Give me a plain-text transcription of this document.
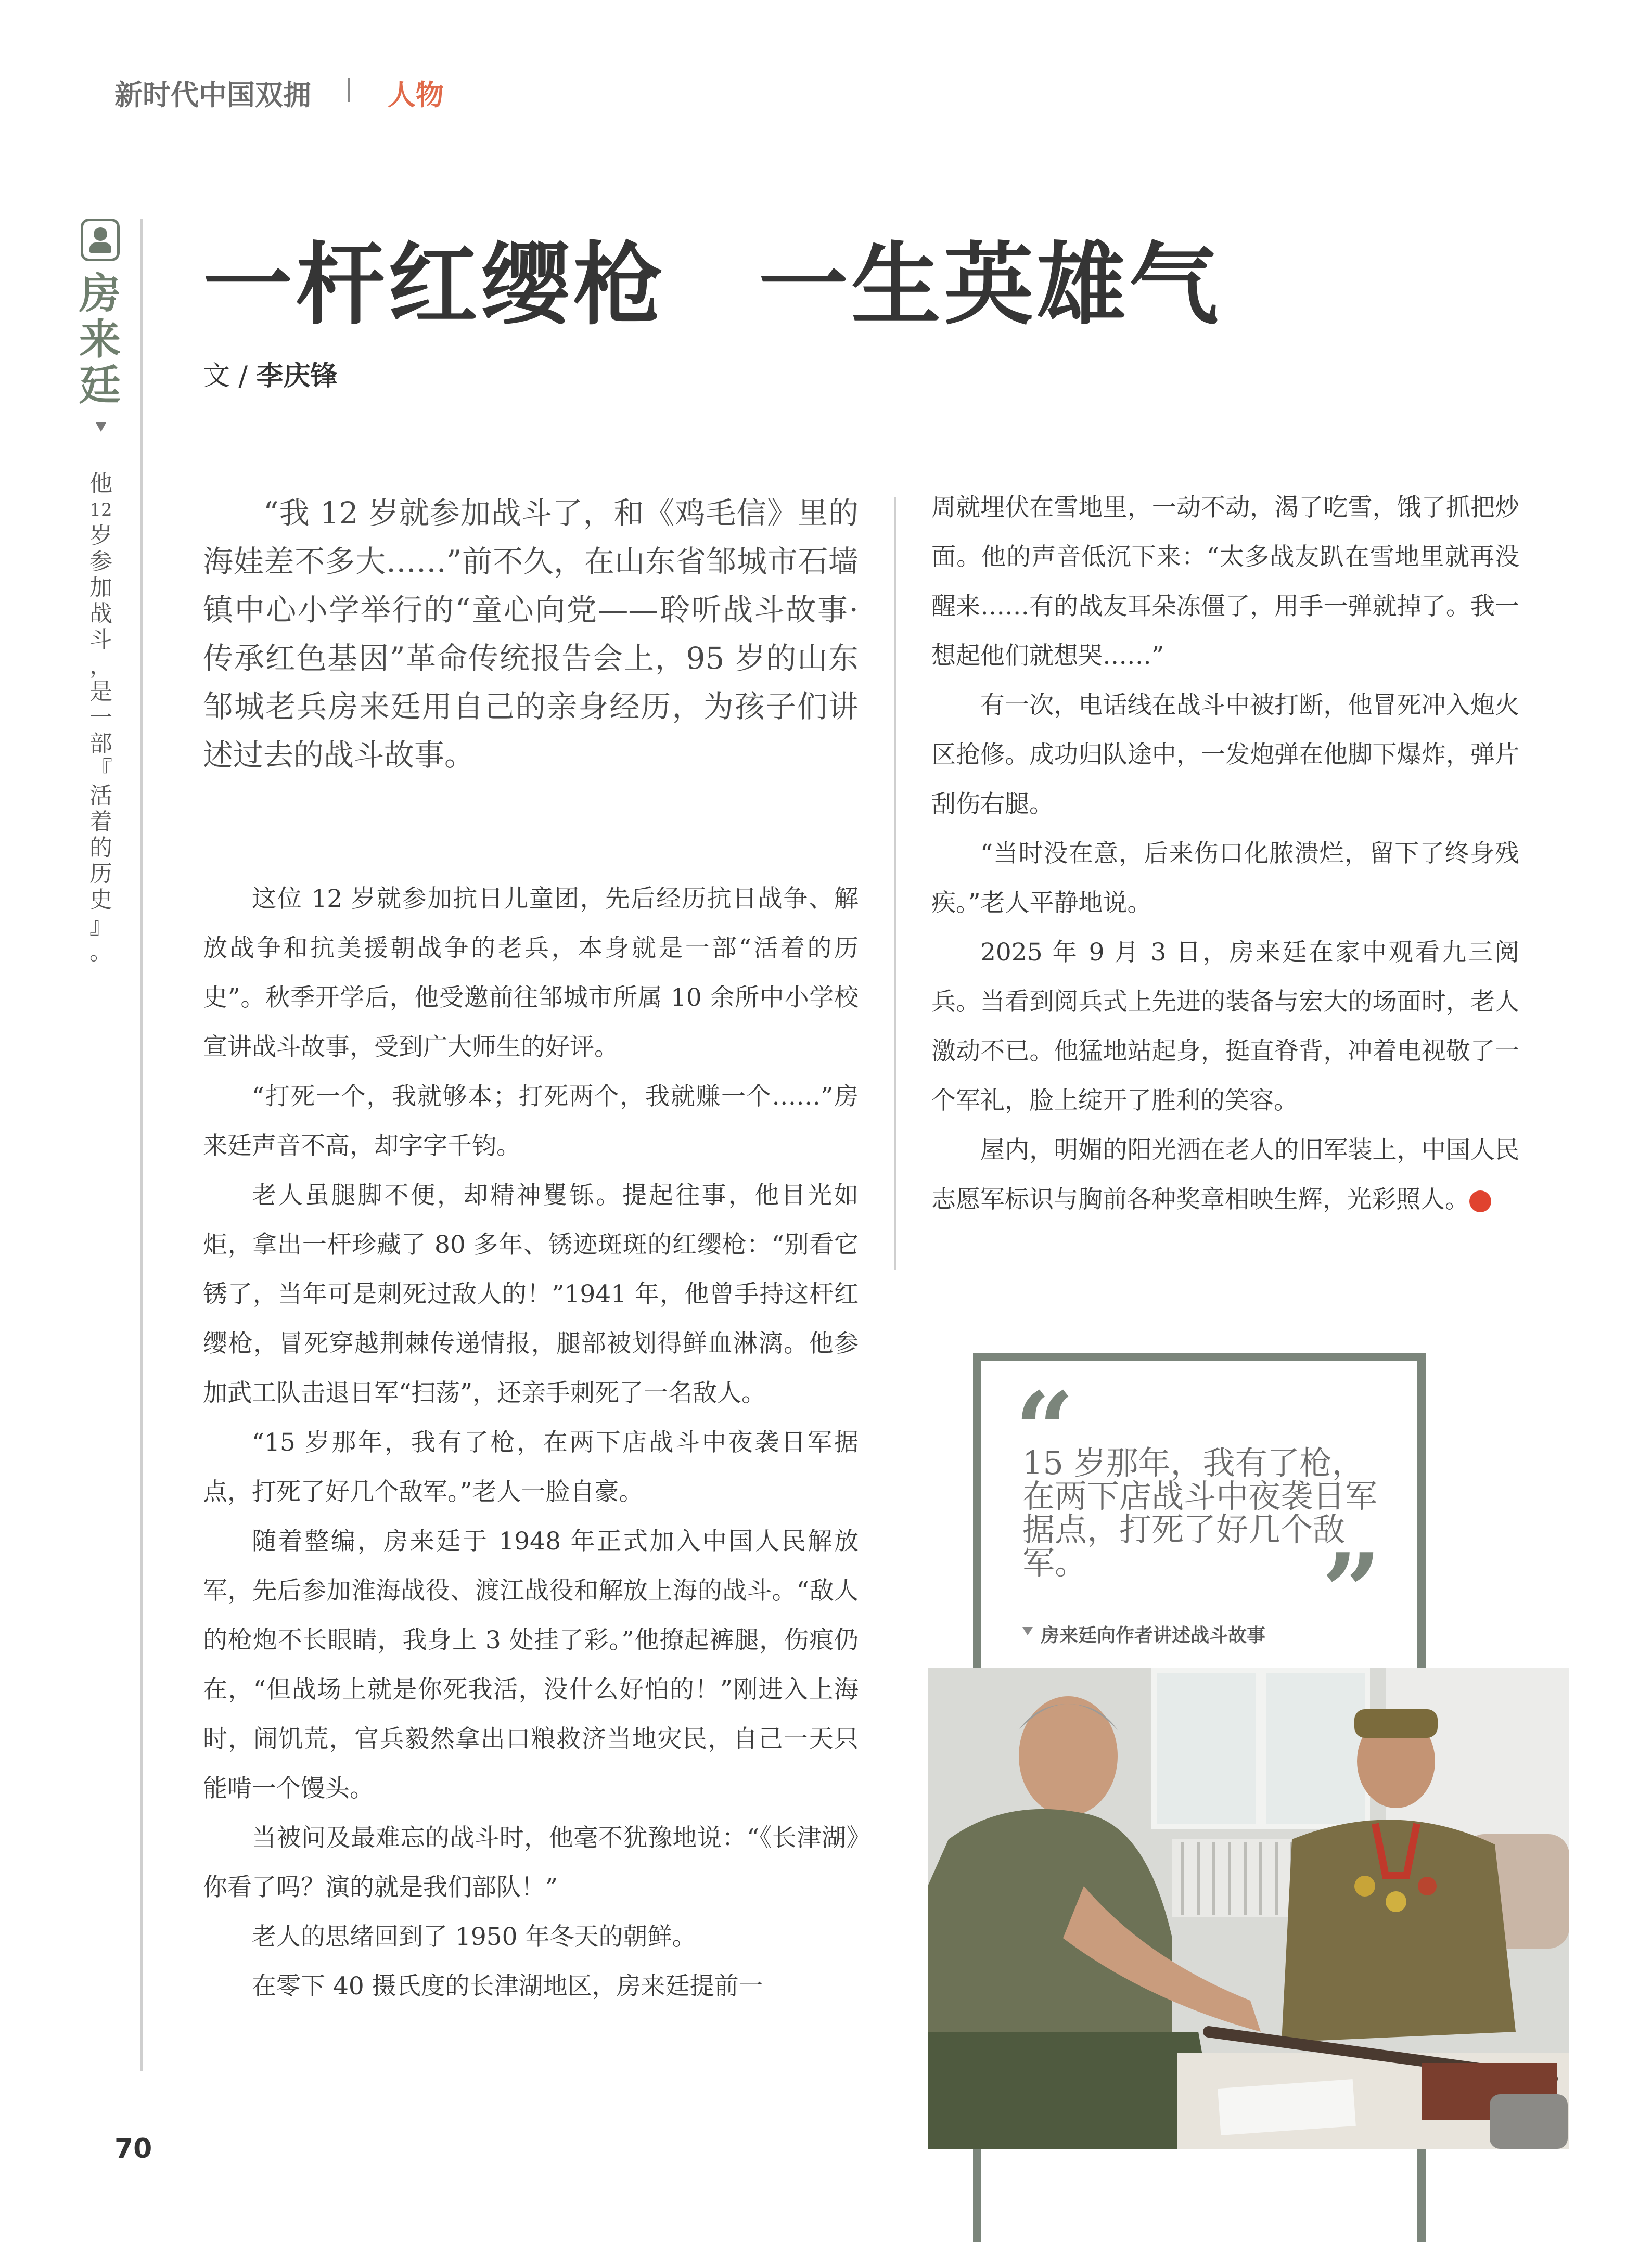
新时代中国双拥	人物
房
来
廷
他
12
岁
参
加
战
斗
，
是
一
部
『
活
着
的
历
史
』
。
一杆红缨枪　一生英雄气
文 / 李庆锋

“我 12 岁就参加战斗了，和《鸡毛信》里的海娃差不多大……”前不久，在山东省邹城市石墙镇中心小学举行的“童心向党——聆听战斗故事·传承红色基因”革命传统报告会上，95 岁的山东邹城老兵房来廷用自己的亲身经历，为孩子们讲述过去的战斗故事。

这位 12 岁就参加抗日儿童团，先后经历抗日战争、解放战争和抗美援朝战争的老兵，本身就是一部“活着的历史”。秋季开学后，他受邀前往邹城市所属 10 余所中小学校宣讲战斗故事，受到广大师生的好评。

“打死一个，我就够本；打死两个，我就赚一个……”房来廷声音不高，却字字千钧。

老人虽腿脚不便，却精神矍铄。提起往事，他目光如炬，拿出一杆珍藏了 80 多年、锈迹斑斑的红缨枪：“别看它锈了，当年可是刺死过敌人的！”1941 年，他曾手持这杆红缨枪，冒死穿越荆棘传递情报，腿部被划得鲜血淋漓。他参加武工队击退日军“扫荡”，还亲手刺死了一名敌人。

“15 岁那年，我有了枪，在两下店战斗中夜袭日军据点，打死了好几个敌军。”老人一脸自豪。

随着整编，房来廷于 1948 年正式加入中国人民解放军，先后参加淮海战役、渡江战役和解放上海的战斗。“敌人的枪炮不长眼睛，我身上 3 处挂了彩。”他撩起裤腿，伤痕仍在，“但战场上就是你死我活，没什么好怕的！”刚进入上海时，闹饥荒，官兵毅然拿出口粮救济当地灾民，自己一天只能啃一个馒头。

当被问及最难忘的战斗时，他毫不犹豫地说：“《长津湖》你看了吗？演的就是我们部队！”

老人的思绪回到了 1950 年冬天的朝鲜。

在零下 40 摄氏度的长津湖地区，房来廷提前一

周就埋伏在雪地里，一动不动，渴了吃雪，饿了抓把炒面。他的声音低沉下来：“太多战友趴在雪地里就再没醒来……有的战友耳朵冻僵了，用手一弹就掉了。我一想起他们就想哭……”

有一次，电话线在战斗中被打断，他冒死冲入炮火区抢修。成功归队途中，一发炮弹在他脚下爆炸，弹片刮伤右腿。

“当时没在意，后来伤口化脓溃烂，留下了终身残疾。”老人平静地说。

2025 年 9 月 3 日，房来廷在家中观看九三阅兵。当看到阅兵式上先进的装备与宏大的场面时，老人激动不已。他猛地站起身，挺直脊背，冲着电视敬了一个军礼，脸上绽开了胜利的笑容。

屋内，明媚的阳光洒在老人的旧军装上，中国人民志愿军标识与胸前各种奖章相映生辉，光彩照人。	N

“
15 岁那年，我有了枪，在两下店战斗中夜袭日军据点，打死了好几个敌军。	”
房来廷向作者讲述战斗故事
70
